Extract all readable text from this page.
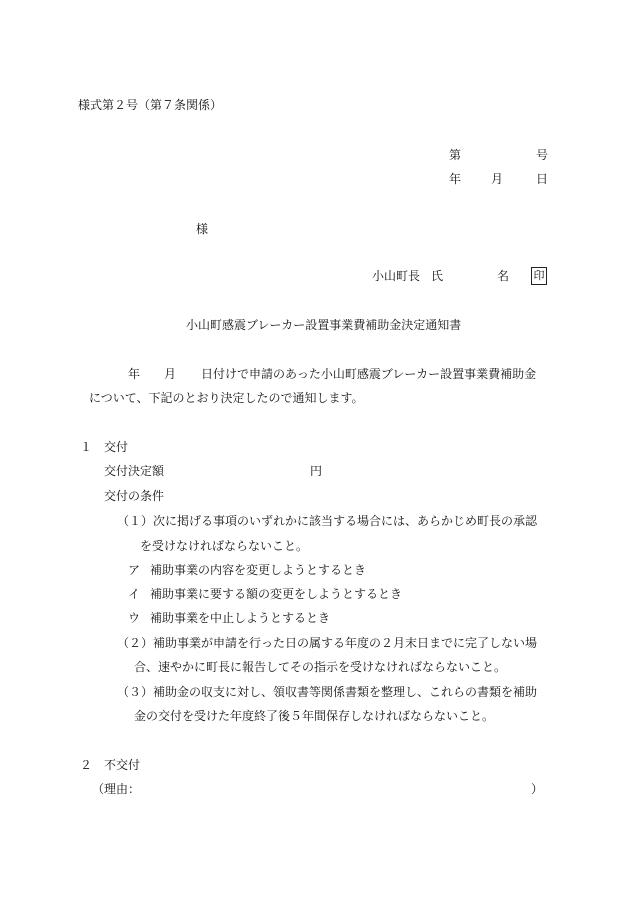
様式第２号（第７条関係）
第	号
年 月	日
様
小山町長 氏	名 印
小山町感震ブレーカー設置事業費補助金決定通知書
年 月 日付けで申請のあった小山町感震ブレーカー設置事業費補助金
について、下記のとおり決定したので通知します。
１ 交付
交付決定額	円
交付の条件
（１） 次に掲げる事項のいずれかに該当する場合には、あらかじめ町長の承認
を受けなければならないこと。
ア 補助事業の内容を変更しようとするとき
イ 補助事業に要する額の変更をしようとするとき
ウ 補助事業を中止しようとするとき
（２） 補助事業が申請を行った日の属する年度の２月末日までに完了しない場
合、速やかに町長に報告してその指示を受けなければならないこと。
（３） 補助金の収支に対し、領収書等関係書類を整理し、これらの書類を補助
金の交付を受けた年度終了後５年間保存しなければならないこと。
２ 不交付
（理由：	）
